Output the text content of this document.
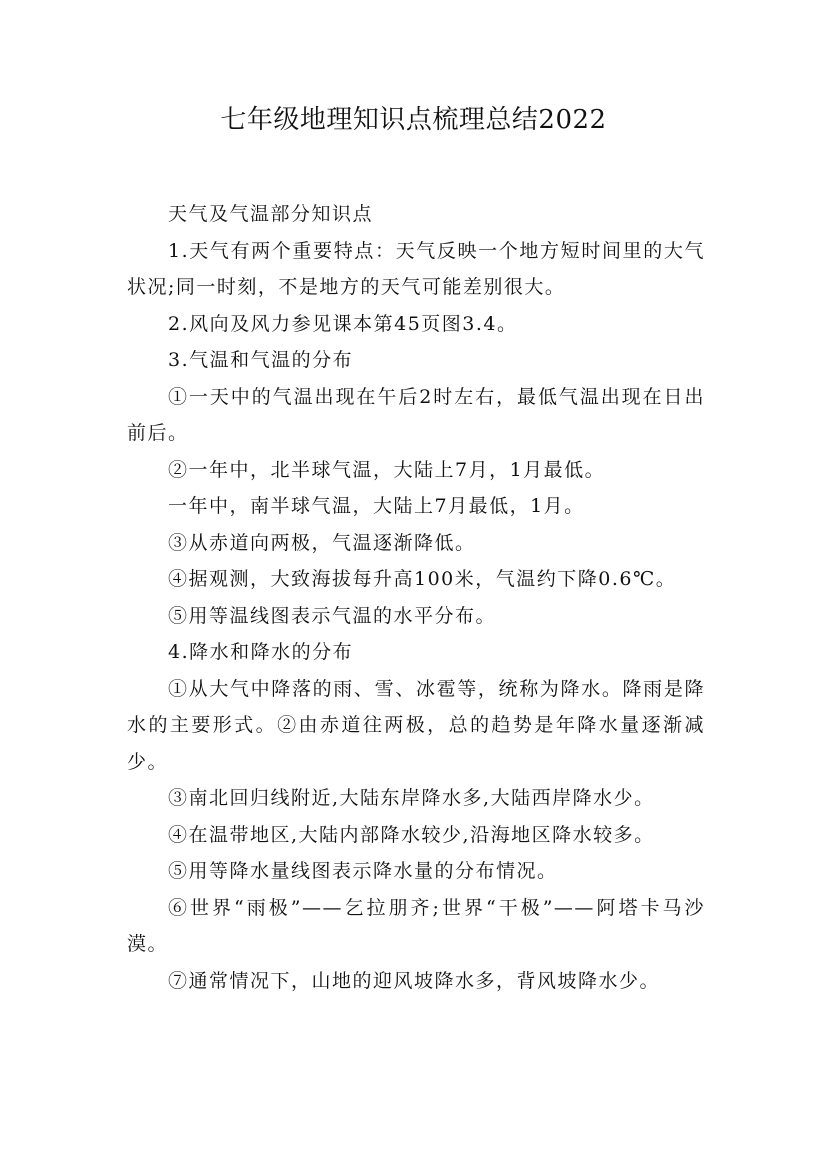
七年级地理知识点梳理总结2022

天气及气温部分知识点

1.天气有两个重要特点：天气反映一个地方短时间里的大气状况;同一时刻，不是地方的天气可能差别很大。

2.风向及风力参见课本第45页图3.4。

3.气温和气温的分布

①一天中的气温出现在午后2时左右，最低气温出现在日出前后。

②一年中，北半球气温，大陆上7月，1月最低。

一年中，南半球气温，大陆上7月最低，1月。

③从赤道向两极，气温逐渐降低。

④据观测，大致海拔每升高100米，气温约下降0.6℃。

⑤用等温线图表示气温的水平分布。

4.降水和降水的分布

①从大气中降落的雨、雪、冰雹等，统称为降水。降雨是降水的主要形式。②由赤道往两极，总的趋势是年降水量逐渐减少。

③南北回归线附近,大陆东岸降水多,大陆西岸降水少。

④在温带地区,大陆内部降水较少,沿海地区降水较多。

⑤用等降水量线图表示降水量的分布情况。

⑥世界“雨极”——乞拉朋齐;世界“干极”——阿塔卡马沙漠。

⑦通常情况下，山地的迎风坡降水多，背风坡降水少。
